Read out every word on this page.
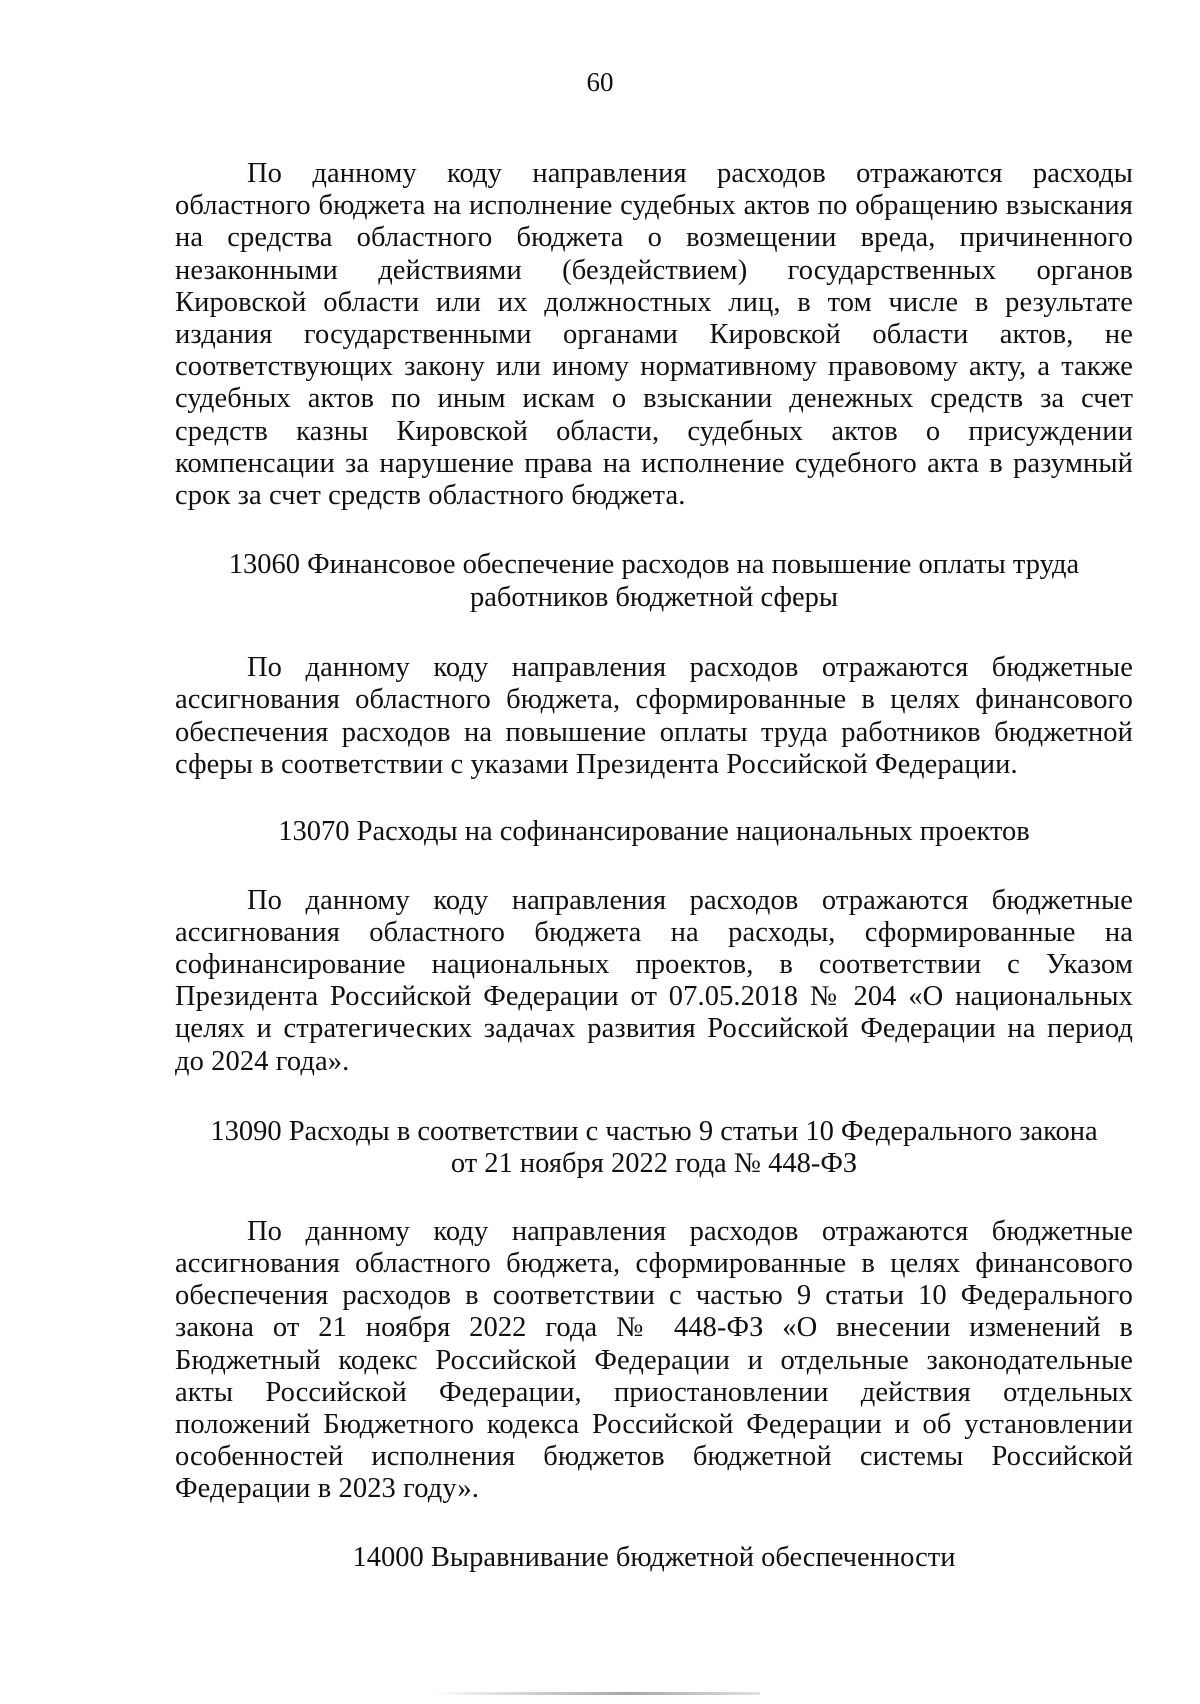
60

По данному коду направления расходов отражаются расходы областного бюджета на исполнение судебных актов по обращению взыскания на средства областного бюджета о возмещении вреда, причиненного незаконными действиями (бездействием) государственных органов Кировской области или их должностных лиц, в том числе в результате издания государственными органами Кировской области актов, не соответствующих закону или иному нормативному правовому акту, а также судебных актов по иным искам о взыскании денежных средств за счет средств казны Кировской области, судебных актов о присуждении компенсации за нарушение права на исполнение судебного акта в разумный срок за счет средств областного бюджета.

13060 Финансовое обеспечение расходов на повышение оплаты труда
работников бюджетной сферы

По данному коду направления расходов отражаются бюджетные ассигнования областного бюджета, сформированные в целях финансового обеспечения расходов на повышение оплаты труда работников бюджетной сферы в соответствии с указами Президента Российской Федерации.

13070 Расходы на софинансирование национальных проектов

По данному коду направления расходов отражаются бюджетные ассигнования областного бюджета на расходы, сформированные на софинансирование национальных проектов, в соответствии с Указом Президента Российской Федерации от 07.05.2018 № 204 «О национальных целях и стратегических задачах развития Российской Федерации на период до 2024 года».

13090 Расходы в соответствии с частью 9 статьи 10 Федерального закона
от 21 ноября 2022 года № 448-ФЗ

По данному коду направления расходов отражаются бюджетные ассигнования областного бюджета, сформированные в целях финансового обеспечения расходов в соответствии с частью 9 статьи 10 Федерального закона от 21 ноября 2022 года № 448-ФЗ «О внесении изменений в Бюджетный кодекс Российской Федерации и отдельные законодательные акты Российской Федерации, приостановлении действия отдельных положений Бюджетного кодекса Российской Федерации и об установлении особенностей исполнения бюджетов бюджетной системы Российской Федерации в 2023 году».

14000 Выравнивание бюджетной обеспеченности
